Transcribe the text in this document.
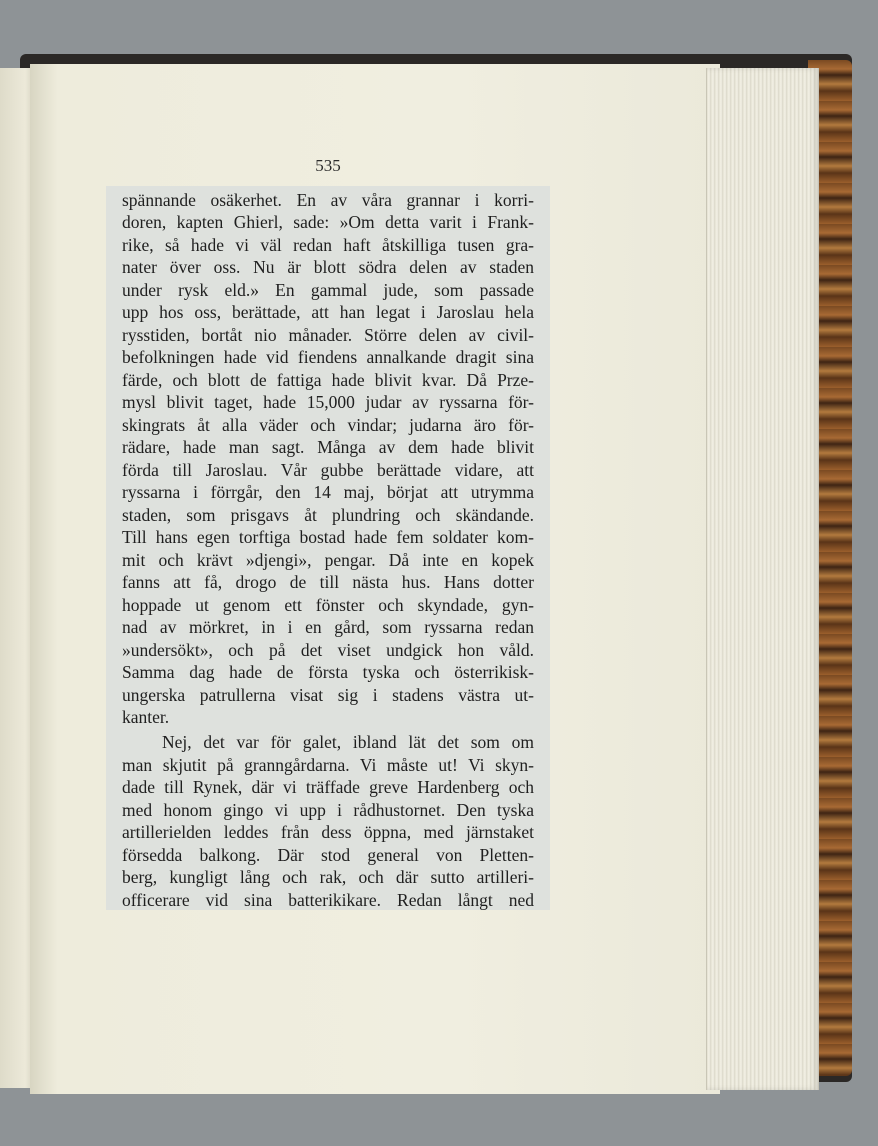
535
spännande osäkerhet. En av våra grannar i korri-
doren, kapten Ghierl, sade: »Om detta varit i Frank-
rike, så hade vi väl redan haft åtskilliga tusen gra-
nater över oss. Nu är blott södra delen av staden
under rysk eld.» En gammal jude, som passade
upp hos oss, berättade, att han legat i Jaroslau hela
rysstiden, bortåt nio månader. Större delen av civil-
befolkningen hade vid fiendens annalkande dragit sina
färde, och blott de fattiga hade blivit kvar. Då Prze-
mysl blivit taget, hade 15,000 judar av ryssarna för-
skingrats åt alla väder och vindar; judarna äro för-
rädare, hade man sagt. Många av dem hade blivit
förda till Jaroslau. Vår gubbe berättade vidare, att
ryssarna i förrgår, den 14 maj, börjat att utrymma
staden, som prisgavs åt plundring och skändande.
Till hans egen torftiga bostad hade fem soldater kom-
mit och krävt »djengi», pengar. Då inte en kopek
fanns att få, drogo de till nästa hus. Hans dotter
hoppade ut genom ett fönster och skyndade, gyn-
nad av mörkret, in i en gård, som ryssarna redan
»undersökt», och på det viset undgick hon våld.
Samma dag hade de första tyska och österrikisk-
ungerska patrullerna visat sig i stadens västra ut-
kanter.
Nej, det var för galet, ibland lät det som om
man skjutit på granngårdarna. Vi måste ut! Vi skyn-
dade till Rynek, där vi träffade greve Hardenberg och
med honom gingo vi upp i rådhustornet. Den tyska
artillerielden leddes från dess öppna, med järnstaket
försedda balkong. Där stod general von Pletten-
berg, kungligt lång och rak, och där sutto artilleri-
officerare vid sina batterikikare. Redan långt ned
